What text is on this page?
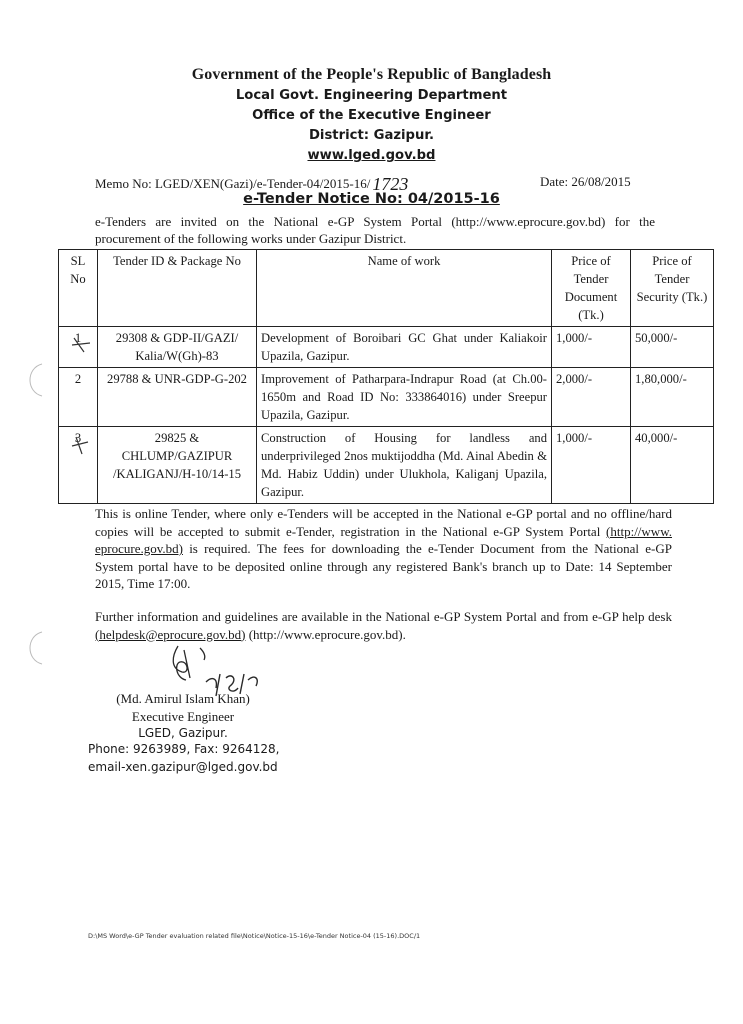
Government of the People's Republic of Bangladesh
Local Govt. Engineering Department
Office of the Executive Engineer
District: Gazipur.
www.lged.gov.bd
Memo No: LGED/XEN(Gazi)/e-Tender-04/2015-16/ 1723	Date: 26/08/2015
e-Tender Notice No: 04/2015-16
e-Tenders are invited on the National e-GP System Portal (http://www.eprocure.gov.bd) for the procurement of the following works under Gazipur District.
SL No	Tender ID & Package No	Name of work	Price of Tender Document (Tk.)	Price of Tender Security (Tk.)
1	29308 & GDP-II/GAZI/ Kalia/W(Gh)-83	Development of Boroibari GC Ghat under Kaliakoir Upazila, Gazipur.	1,000/-	50,000/-
2	29788 & UNR-GDP-G-202	Improvement of Patharpara-Indrapur Road (at Ch.00-1650m and Road ID No: 333864016) under Sreepur Upazila, Gazipur.	2,000/-	1,80,000/-
3	29825 & CHLUMP/GAZIPUR /KALIGANJ/H-10/14-15	Construction of Housing for landless and underprivileged 2nos muktijoddha (Md. Ainal Abedin & Md. Habiz Uddin) under Ulukhola, Kaliganj Upazila, Gazipur.	1,000/-	40,000/-
This is online Tender, where only e-Tenders will be accepted in the National e-GP portal and no offline/hard copies will be accepted to submit e-Tender, registration in the National e-GP System Portal (http://www. eprocure.gov.bd) is required. The fees for downloading the e-Tender Document from the National e-GP System portal have to be deposited online through any registered Bank's branch up to Date: 14 September 2015, Time 17:00.
Further information and guidelines are available in the National e-GP System Portal and from e-GP help desk (helpdesk@eprocure.gov.bd) (http://www.eprocure.gov.bd).
(Md. Amirul Islam Khan)
Executive Engineer
LGED, Gazipur.
Phone: 9263989, Fax: 9264128,
email-xen.gazipur@lged.gov.bd
D:\MS Word\e-GP Tender evaluation related file\Notice\Notice-15-16\e-Tender Notice-04 (15-16).DOC/1
